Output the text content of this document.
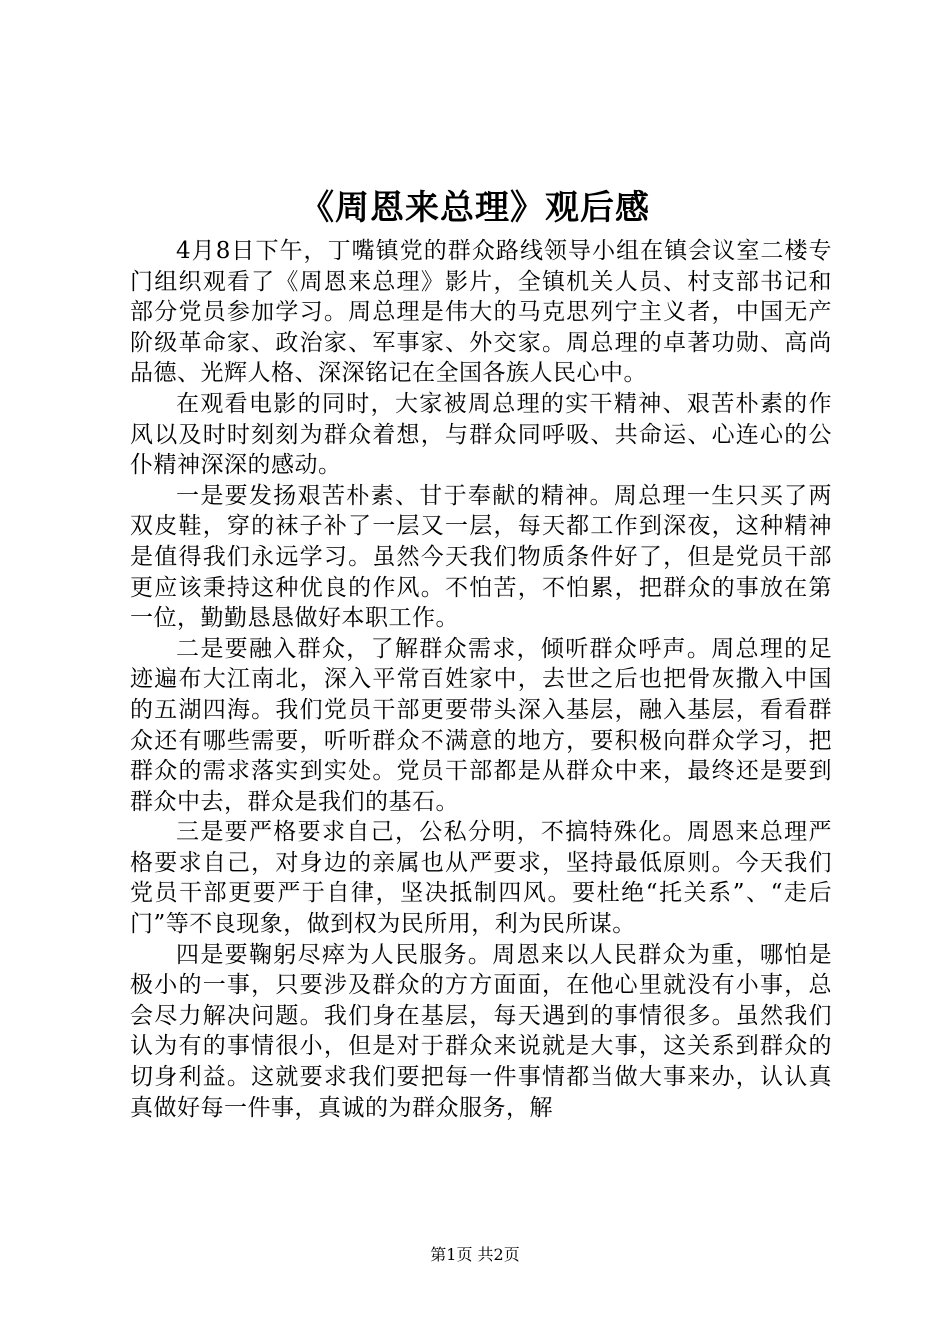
《周恩来总理》观后感

4月8日下午，丁嘴镇党的群众路线领导小组在镇会议室二楼专门组织观看了《周恩来总理》影片，全镇机关人员、村支部书记和部分党员参加学习。周总理是伟大的马克思列宁主义者，中国无产阶级革命家、政治家、军事家、外交家。周总理的卓著功勋、高尚品德、光辉人格、深深铭记在全国各族人民心中。

在观看电影的同时，大家被周总理的实干精神、艰苦朴素的作风以及时时刻刻为群众着想，与群众同呼吸、共命运、心连心的公仆精神深深的感动。

一是要发扬艰苦朴素、甘于奉献的精神。周总理一生只买了两双皮鞋，穿的袜子补了一层又一层，每天都工作到深夜，这种精神是值得我们永远学习。虽然今天我们物质条件好了，但是党员干部更应该秉持这种优良的作风。不怕苦，不怕累，把群众的事放在第一位，勤勤恳恳做好本职工作。

二是要融入群众，了解群众需求，倾听群众呼声。周总理的足迹遍布大江南北，深入平常百姓家中，去世之后也把骨灰撒入中国的五湖四海。我们党员干部更要带头深入基层，融入基层，看看群众还有哪些需要，听听群众不满意的地方，要积极向群众学习，把群众的需求落实到实处。党员干部都是从群众中来，最终还是要到群众中去，群众是我们的基石。

三是要严格要求自己，公私分明，不搞特殊化。周恩来总理严格要求自己，对身边的亲属也从严要求，坚持最低原则。今天我们党员干部更要严于自律，坚决抵制四风。要杜绝“托关系”、“走后门”等不良现象，做到权为民所用，利为民所谋。

四是要鞠躬尽瘁为人民服务。周恩来以人民群众为重，哪怕是极小的一事，只要涉及群众的方方面面，在他心里就没有小事，总会尽力解决问题。我们身在基层，每天遇到的事情很多。虽然我们认为有的事情很小，但是对于群众来说就是大事，这关系到群众的切身利益。这就要求我们要把每一件事情都当做大事来办，认认真真做好每一件事，真诚的为群众服务，解

第1页 共2页
